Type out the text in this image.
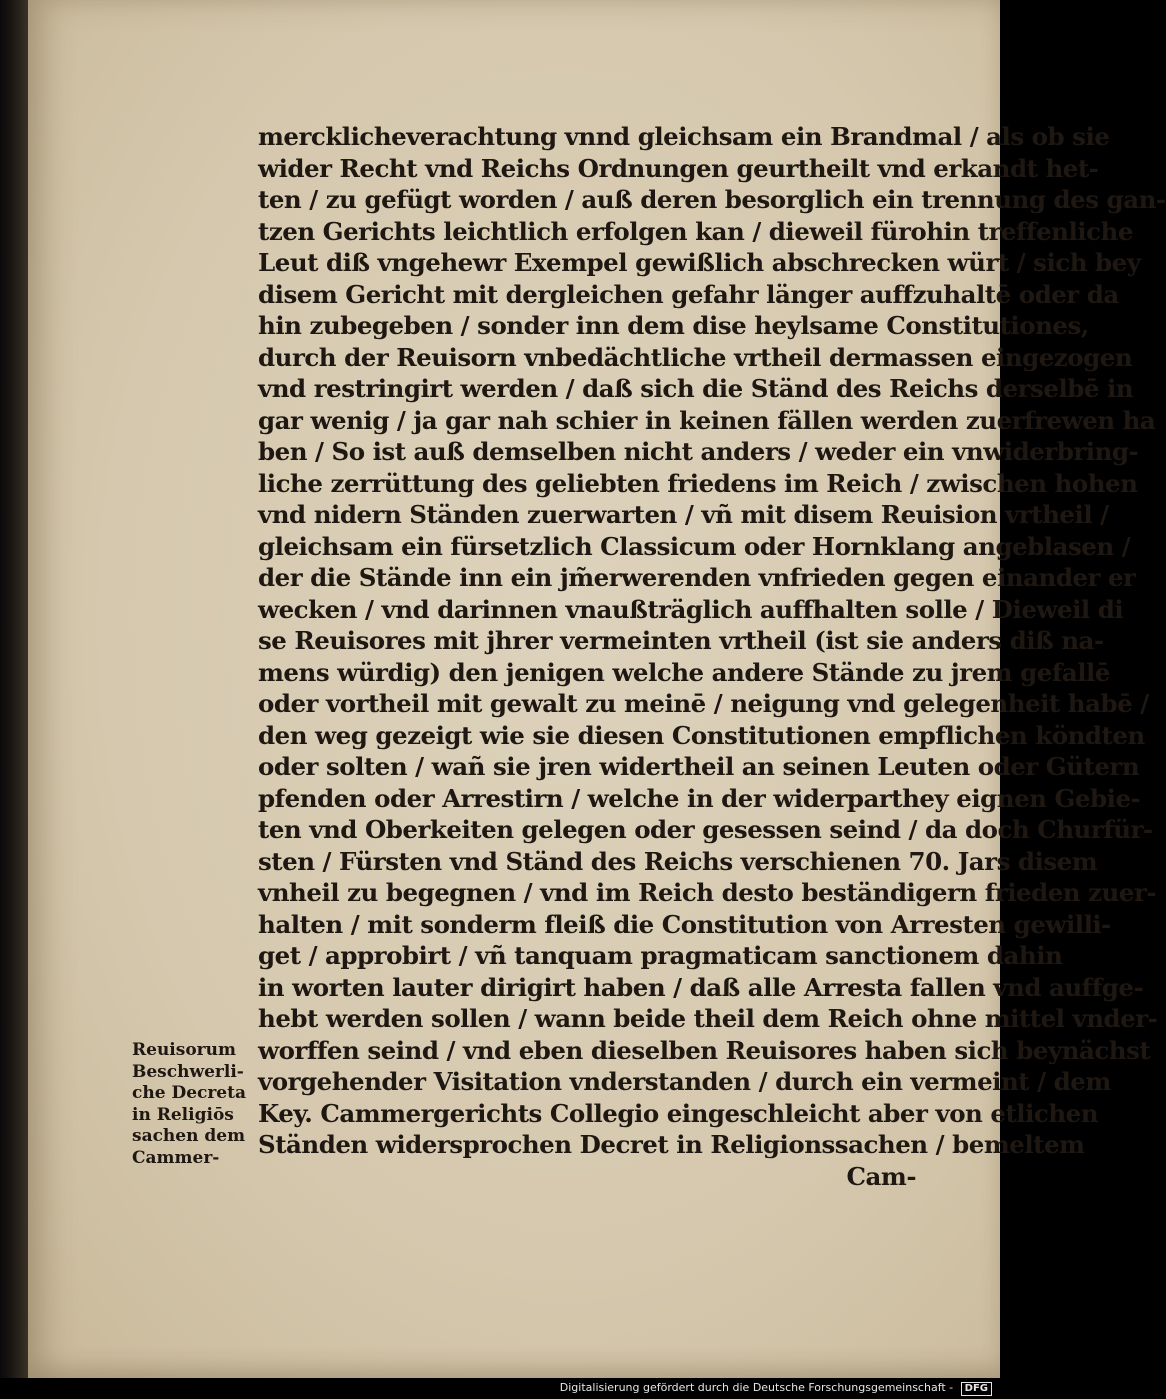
mercklicheverachtung vnnd gleichsam ein Brandmal / als ob sie
wider Recht vnd Reichs Ordnungen geurtheilt vnd erkandt het-
ten / zu gefügt worden / auß deren besorglich ein trennung des gan-
tzen Gerichts leichtlich erfolgen kan / dieweil fürohin treffenliche
Leut diß vngehewr Exempel gewißlich abschrecken würt / sich bey
disem Gericht mit dergleichen gefahr länger auffzuhaltē oder da
hin zubegeben / sonder inn dem dise heylsame Constitutiones,
durch der Reuisorn vnbedächtliche vrtheil dermassen eingezogen
vnd restringirt werden / daß sich die Ständ des Reichs derselbē in
gar wenig / ja gar nah schier in keinen fällen werden zuerfrewen ha
ben / So ist auß demselben nicht anders / weder ein vnwiderbring-
liche zerrüttung des geliebten friedens im Reich / zwischen hohen
vnd nidern Ständen zuerwarten / vñ mit disem Reuision vrtheil /
gleichsam ein fürsetzlich Classicum oder Hornklang angeblasen /
der die Stände inn ein jm̃erwerenden vnfrieden gegen einander er
wecken / vnd darinnen vnaußträglich auffhalten solle / Dieweil di
se Reuisores mit jhrer vermeinten vrtheil (ist sie anders diß na-
mens würdig) den jenigen welche andere Stände zu jrem gefallē
oder vortheil mit gewalt zu meinē / neigung vnd gelegenheit habē /
den weg gezeigt wie sie diesen Constitutionen empflichen köndten
oder solten / wañ sie jren widertheil an seinen Leuten oder Gütern
pfenden oder Arrestirn / welche in der widerparthey eignen Gebie-
ten vnd Oberkeiten gelegen oder gesessen seind / da doch Churfür-
sten / Fürsten vnd Ständ des Reichs verschienen 70. Jars disem
vnheil zu begegnen / vnd im Reich desto beständigern frieden zuer-
halten / mit sonderm fleiß die Constitution von Arresten gewilli-
get / approbirt / vñ tanquam pragmaticam sanctionem dahin
in worten lauter dirigirt haben / daß alle Arresta fallen vnd auffge-
hebt werden sollen / wann beide theil dem Reich ohne mittel vnder-
worffen seind / vnd eben dieselben Reuisores haben sich beynächst
vorgehender Visitation vnderstanden / durch ein vermeint / dem
Key. Cammergerichts Collegio eingeschleicht aber von etlichen
Ständen widersprochen Decret in Religionssachen / bemeltem
Cam-
Reuisorum
Beschwerli-
che Decreta
in Religiōs
sachen dem
Cammer-
Digitalisierung gefördert durch die Deutsche Forschungsgemeinschaft - DFG
